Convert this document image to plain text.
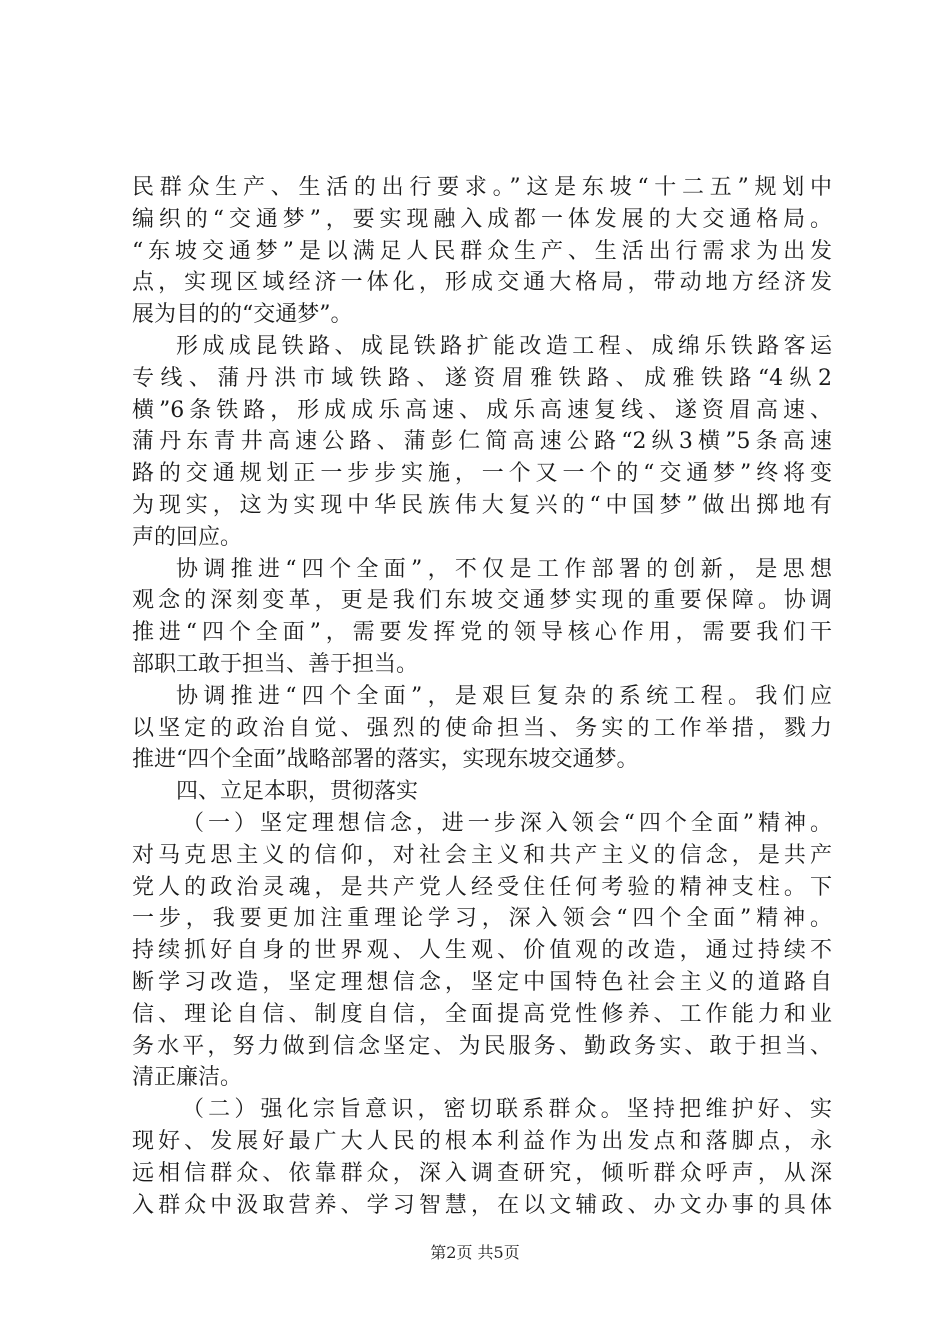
民群众生产、生活的出行要求。”这是东坡“十二五”规划中
编织的“交通梦”，要实现融入成都一体发展的大交通格局。
“东坡交通梦”是以满足人民群众生产、生活出行需求为出发
点，实现区域经济一体化，形成交通大格局，带动地方经济发
展为目的的“交通梦”。
形成成昆铁路、成昆铁路扩能改造工程、成绵乐铁路客运
专线、蒲丹洪市域铁路、遂资眉雅铁路、成雅铁路“4纵2
横”6条铁路，形成成乐高速、成乐高速复线、遂资眉高速、
蒲丹东青井高速公路、蒲彭仁简高速公路“2纵3横”5条高速
路的交通规划正一步步实施，一个又一个的“交通梦”终将变
为现实，这为实现中华民族伟大复兴的“中国梦”做出掷地有
声的回应。
协调推进“四个全面”，不仅是工作部署的创新，是思想
观念的深刻变革，更是我们东坡交通梦实现的重要保障。协调
推进“四个全面”，需要发挥党的领导核心作用，需要我们干
部职工敢于担当、善于担当。
协调推进“四个全面”，是艰巨复杂的系统工程。我们应
以坚定的政治自觉、强烈的使命担当、务实的工作举措，戮力
推进“四个全面”战略部署的落实，实现东坡交通梦。
四、立足本职，贯彻落实
（一）坚定理想信念，进一步深入领会“四个全面”精神。
对马克思主义的信仰，对社会主义和共产主义的信念，是共产
党人的政治灵魂，是共产党人经受住任何考验的精神支柱。下
一步，我要更加注重理论学习，深入领会“四个全面”精神。
持续抓好自身的世界观、人生观、价值观的改造，通过持续不
断学习改造，坚定理想信念，坚定中国特色社会主义的道路自
信、理论自信、制度自信，全面提高党性修养、工作能力和业
务水平，努力做到信念坚定、为民服务、勤政务实、敢于担当、
清正廉洁。
（二）强化宗旨意识，密切联系群众。坚持把维护好、实
现好、发展好最广大人民的根本利益作为出发点和落脚点，永
远相信群众、依靠群众，深入调查研究，倾听群众呼声，从深
入群众中汲取营养、学习智慧，在以文辅政、办文办事的具体
第2页 共5页
